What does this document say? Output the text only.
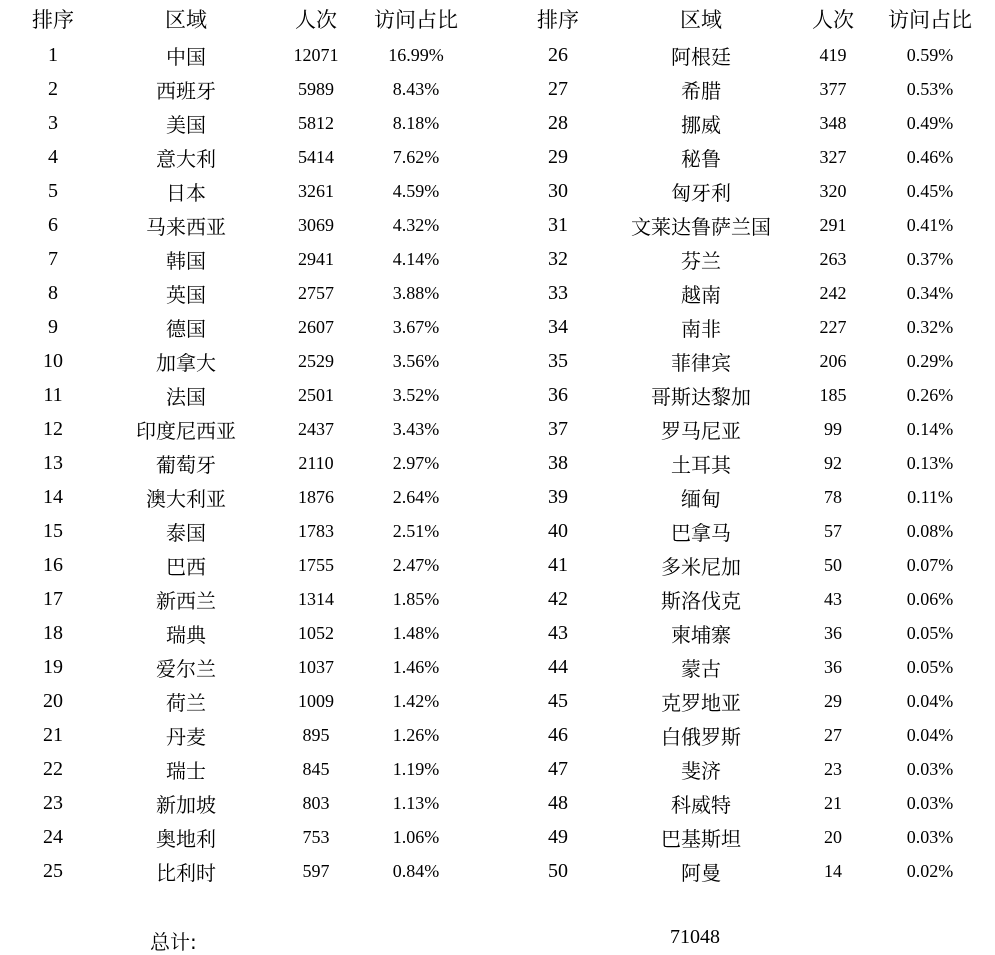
排序	区域	人次	访问占比
1	中国	12071	16.99%
2	西班牙	5989	8.43%
3	美国	5812	8.18%
4	意大利	5414	7.62%
5	日本	3261	4.59%
6	马来西亚	3069	4.32%
7	韩国	2941	4.14%
8	英国	2757	3.88%
9	德国	2607	3.67%
10	加拿大	2529	3.56%
11	法国	2501	3.52%
12	印度尼西亚	2437	3.43%
13	葡萄牙	2110	2.97%
14	澳大利亚	1876	2.64%
15	泰国	1783	2.51%
16	巴西	1755	2.47%
17	新西兰	1314	1.85%
18	瑞典	1052	1.48%
19	爱尔兰	1037	1.46%
20	荷兰	1009	1.42%
21	丹麦	895	1.26%
22	瑞士	845	1.19%
23	新加坡	803	1.13%
24	奥地利	753	1.06%
25	比利时	597	0.84%
排序	区域	人次	访问占比
26	阿根廷	419	0.59%
27	希腊	377	0.53%
28	挪威	348	0.49%
29	秘鲁	327	0.46%
30	匈牙利	320	0.45%
31	文莱达鲁萨兰国	291	0.41%
32	芬兰	263	0.37%
33	越南	242	0.34%
34	南非	227	0.32%
35	菲律宾	206	0.29%
36	哥斯达黎加	185	0.26%
37	罗马尼亚	99	0.14%
38	土耳其	92	0.13%
39	缅甸	78	0.11%
40	巴拿马	57	0.08%
41	多米尼加	50	0.07%
42	斯洛伐克	43	0.06%
43	柬埔寨	36	0.05%
44	蒙古	36	0.05%
45	克罗地亚	29	0.04%
46	白俄罗斯	27	0.04%
47	斐济	23	0.03%
48	科威特	21	0.03%
49	巴基斯坦	20	0.03%
50	阿曼	14	0.02%
总计:	71048
